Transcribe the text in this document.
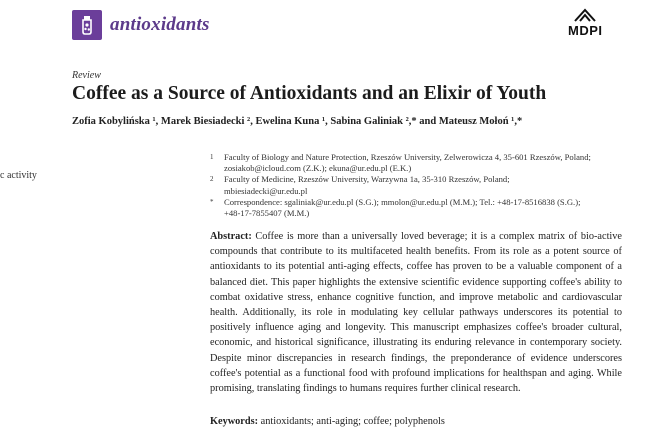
antioxidants	MDPI
c activity
Review
Coffee as a Source of Antioxidants and an Elixir of Youth
Zofia Kobylińska ¹, Marek Biesiadecki ², Ewelina Kuna ¹, Sabina Galiniak ²,* and Mateusz Mołoń ¹,*
1	Faculty of Biology and Nature Protection, Rzeszów University, Zelwerowicza 4, 35-601 Rzeszów, Poland;
zosiakob@icloud.com (Z.K.); ekuna@ur.edu.pl (E.K.)
2	Faculty of Medicine, Rzeszów University, Warzywna 1a, 35-310 Rzeszów, Poland;
mbiesiadecki@ur.edu.pl
*	Correspondence: sgaliniak@ur.edu.pl (S.G.); mmolon@ur.edu.pl (M.M.); Tel.: +48-17-8516838 (S.G.);
+48-17-7855407 (M.M.)

Abstract: Coffee is more than a universally loved beverage; it is a complex matrix of bio-active compounds that contribute to its multifaceted health benefits. From its role as a potent source of antioxidants to its potential anti-aging effects, coffee has proven to be a valuable component of a balanced diet. This paper highlights the extensive scientific evidence supporting coffee's ability to combat oxidative stress, enhance cognitive function, and improve metabolic and cardiovascular health. Additionally, its role in modulating key cellular pathways underscores its potential to positively influence aging and longevity. This manuscript emphasizes coffee's broader cultural, economic, and historical significance, illustrating its enduring relevance in contemporary society. Despite minor discrepancies in research findings, the preponderance of evidence underscores coffee's potential as a functional food with profound implications for healthspan and aging. While promising, translating findings to humans requires further clinical research.

Keywords: antioxidants; anti-aging; coffee; polyphenols
